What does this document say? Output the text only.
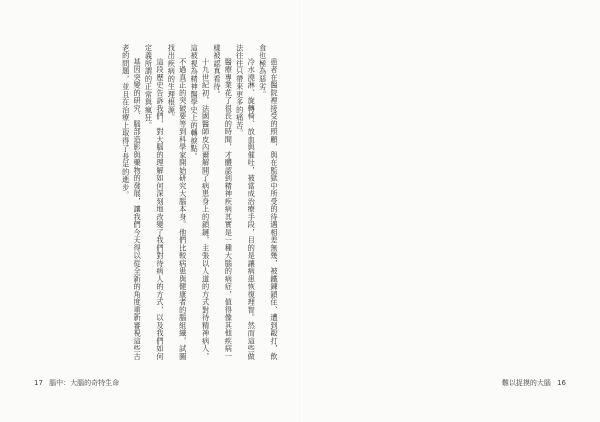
患者在醫院裡接受的照顧，與在監獄中所受的待遇相差無幾，被鐵鍊鎖住、遭到毆打，飲食也極為惡劣。
冷水澆淋、旋轉椅、放血與催吐，被當成治療手段，目的是讓病患恢復理智。然而這些做法往往只帶來更多的痛苦。
醫療專業花了很長的時間，才體認到精神疾病其實是一種大腦的病症，值得像其他疾病一樣被認真看待。
十九世紀初，法國醫師皮內爾解開了病患身上的鎖鏈，主張以人道的方式對待精神病人，這被視為精神醫學史上的轉捩點。
不過真正的突破要等到科學家開始研究大腦本身。他們比較病患與健康者的腦組織，試圖找出疾病的生理根源。
這段歷史告訴我們，對大腦的理解如何深刻地改變了我們對待病人的方式，以及我們如何定義所謂的正常與瘋狂。
基因突變的研究、腦部造影與藥物的發展，讓我們今天得以從全新的角度重新審視這些古老的問題，並且在治療上取得了長足的進步。
17 腦中：大腦的奇特生命	難以捉摸的大腦 16
